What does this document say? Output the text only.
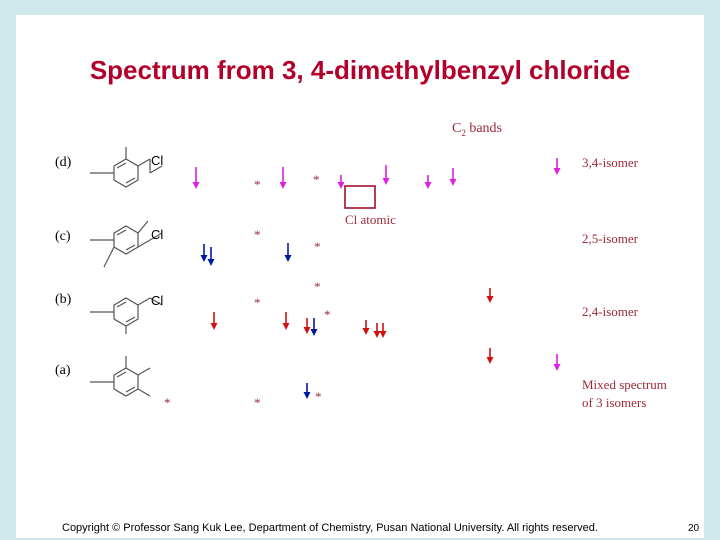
Spectrum from 3, 4-dimethylbenzyl chloride
$C_2$ bands
(d)
(c)
(b)
(a)
3,4-isomer
2,5-isomer
2,4-isomer
Mixed spectrum
of 3 isomers
Cl atomic
*	*
*
*
*
*
*
*	*	*
Cl
Cl
Cl
Copyright © Professor Sang Kuk Lee, Department of Chemistry, Pusan National University. All rights reserved.	20
